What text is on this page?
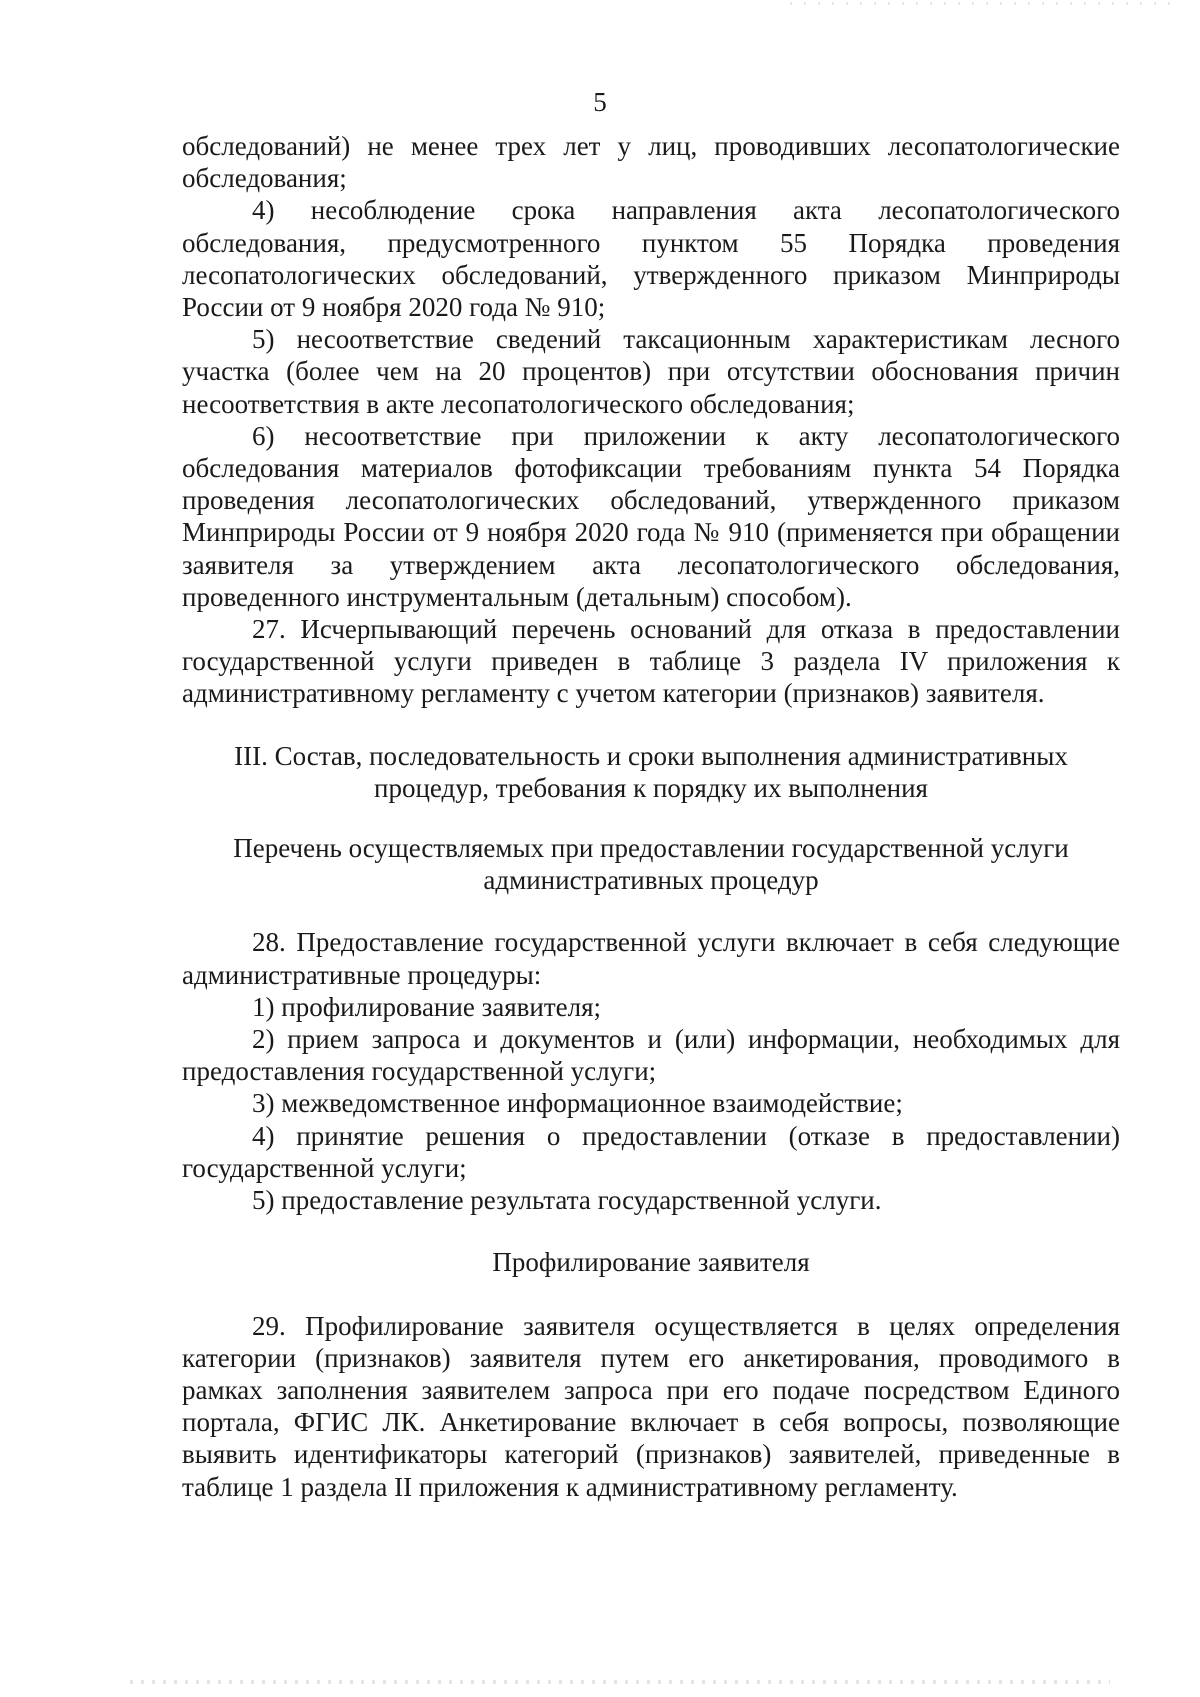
5

обследований) не менее трех лет у лиц, проводивших лесопатологические обследования;

4) несоблюдение срока направления акта лесопатологического обследования, предусмотренного пунктом 55 Порядка проведения лесопатологических обследований, утвержденного приказом Минприроды России от 9 ноября 2020 года № 910;

5) несоответствие сведений таксационным характеристикам лесного участка (более чем на 20 процентов) при отсутствии обоснования причин несоответствия в акте лесопатологического обследования;

6) несоответствие при приложении к акту лесопатологического обследования материалов фотофиксации требованиям пункта 54 Порядка проведения лесопатологических обследований, утвержденного приказом Минприроды России от 9 ноября 2020 года № 910 (применяется при обращении заявителя за утверждением акта лесопатологического обследования, проведенного инструментальным (детальным) способом).

27. Исчерпывающий перечень оснований для отказа в предоставлении государственной услуги приведен в таблице 3 раздела IV приложения к административному регламенту с учетом категории (признаков) заявителя.

III. Состав, последовательность и сроки выполнения административных

процедур, требования к порядку их выполнения

Перечень осуществляемых при предоставлении государственной услуги

административных процедур

28. Предоставление государственной услуги включает в себя следующие административные процедуры:

1) профилирование заявителя;

2) прием запроса и документов и (или) информации, необходимых для предоставления государственной услуги;

3) межведомственное информационное взаимодействие;

4) принятие решения о предоставлении (отказе в предоставлении) государственной услуги;

5) предоставление результата государственной услуги.

Профилирование заявителя

29. Профилирование заявителя осуществляется в целях определения категории (признаков) заявителя путем его анкетирования, проводимого в рамках заполнения заявителем запроса при его подаче посредством Единого портала, ФГИС ЛК. Анкетирование включает в себя вопросы, позволяющие выявить идентификаторы категорий (признаков) заявителей, приведенные в таблице 1 раздела II приложения к административному регламенту.
